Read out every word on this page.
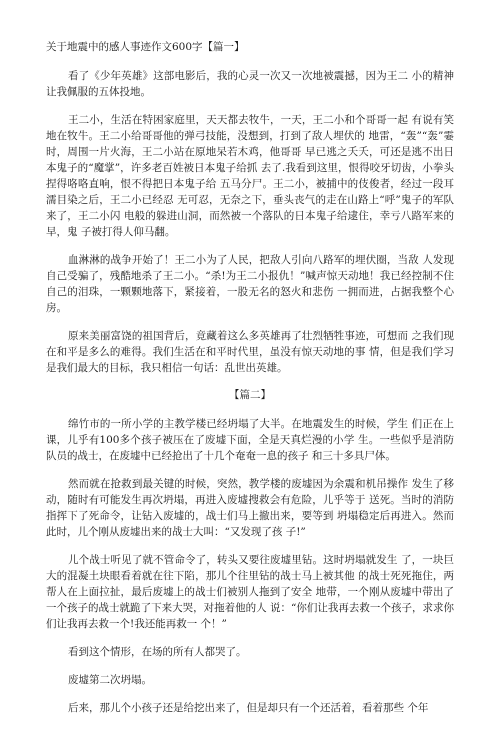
关于地震中的感人事迹作文600字【篇一】

看了《少年英雄》这部电影后，我的心灵一次又一次地被震撼，因为王二 小的精神让我佩服的五体投地。

王二小，生活在特困家庭里，天天都去牧牛，一天，王二小和个哥哥一起 有说有笑地在牧牛。王二小给哥哥他的弹弓技能，没想到，打到了敌人埋伏的 地雷，“轰”“轰”霎时，周围一片火海，王二小站在原地呆若木鸡，他哥哥 早已逃之夭夭，可还是逃不出日本鬼子的“魔掌”，许多老百姓被日本鬼子给抓 去了.我看到这里，恨得咬牙切齿，小拳头捏得咯咯直响，恨不得把日本鬼子给 五马分尸。王二小，被捕中的伎俊者，经过一段耳濡目染之后，王二小已经忍 无可忍，无奈之下，垂头丧气的走在山路上“呼”鬼子的军队来了，王二小闪 电般的躲进山洞，而然被一个落队的日本鬼子给逮住，幸亏八路军来的早，鬼 子被打得人仰马翻。

血淋淋的战争开始了！王二小为了人民，把敌人引向八路军的埋伏圈，当敌 人发现自己受骗了，残酷地杀了王二小。“杀!为王二小报仇！”喊声惊天动地！我已经控制不住自己的泪珠，一颗颗地落下，紧接着，一股无名的怒火和悲伤 一拥而进，占据我整个心房。

原来美丽富饶的祖国背后，竟藏着这么多英雄再了壮烈牺牲事迹，可想而 之我们现在和平是多么的难得。我们生活在和平时代里，虽没有惊天动地的事 情，但是我们学习是我们最大的目标，我只相信一句话：乱世出英雄。

【篇二】

绵竹市的一所小学的主教学楼已经坍塌了大半。在地震发生的时候，学生 们正在上课，儿乎有100多个孩子被压在了废墟下面，全是天真烂漫的小学 生。一些似乎是消防队员的战士，在废墟中已经抢出了十几个奄奄一息的孩子 和三十多具尸体。

然而就在抢救到最关键的时候，突然，教学楼的废墟因为余震和机吊操作 发生了移动，随时有可能发生再次坍塌，再进入废墟搜救会有危险，儿乎等于 送死。当时的消防指挥下了死命令，让钻入废墟的，战士们马上撤出来，要等到 坍塌稳定后再进入。然而此时，儿个刚从废墟出来的战士大叫：“又发现了孩 子!”

儿个战士听见了就不管命令了，转头又要往废墟里钻。这时坍塌就发生 了，一块巨大的混凝土块眼看着就在往下陷，那儿个往里钻的战士马上被其他 的战士死死拖住，两帮人在上面拉扯，最后废墟上的战士们被别人拖到了安全 地带，一个刚从废墟中带出了一个孩子的战士就跪了下来大哭，对拖着他的人 说：“你们让我再去救一个孩子，求求你们让我再去救一个!我还能再救一 个！”

看到这个情形，在场的所有人都哭了。

废墟第二次坍塌。

后来，那儿个小孩子还是给挖出来了，但是却只有一个还活着，看着那些 个年
